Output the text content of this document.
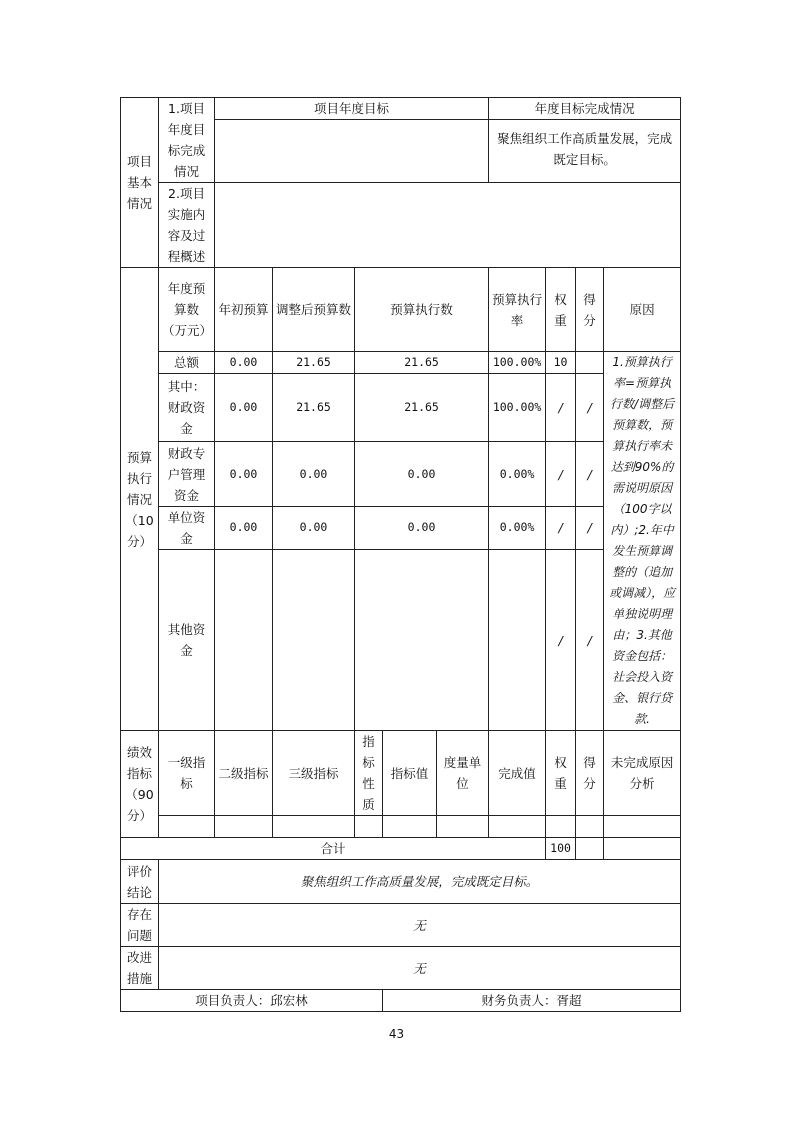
项目基本情况	1.项目年度目标完成情况	项目年度目标					年度目标完成情况			
							聚焦组织工作高质量发展，完成既定目标。			
	2.项目实施内容及过程概述									
预算执行情况（10分）	年度预算数（万元）	年初预算	调整后预算数	预算执行数			预算执行率	权重	得分	原因
	总额	0.00	21.65	21.65			100.00%	10		1.预算执行率=预算执行数/调整后预算数，预算执行率未达到90%的需说明原因（100字以内）;2.年中发生预算调整的（追加或调减），应单独说明理由；3.其他资金包括：社会投入资金、银行贷款.
	其中：财政资金	0.00	21.65	21.65			100.00%	/	/	
	财政专户管理资金	0.00	0.00	0.00			0.00%	/	/	
	单位资金	0.00	0.00	0.00			0.00%	/	/	
	其他资金							/	/	
绩效指标（90分）	一级指标	二级指标	三级指标	指标性质	指标值	度量单位	完成值	权重	得分	未完成原因分析

合计								100		
评价结论	聚焦组织工作高质量发展，完成既定目标。									
存在问题	无									
改进措施	无									
项目负责人：邱宏林					财务负责人：胥超					
43
